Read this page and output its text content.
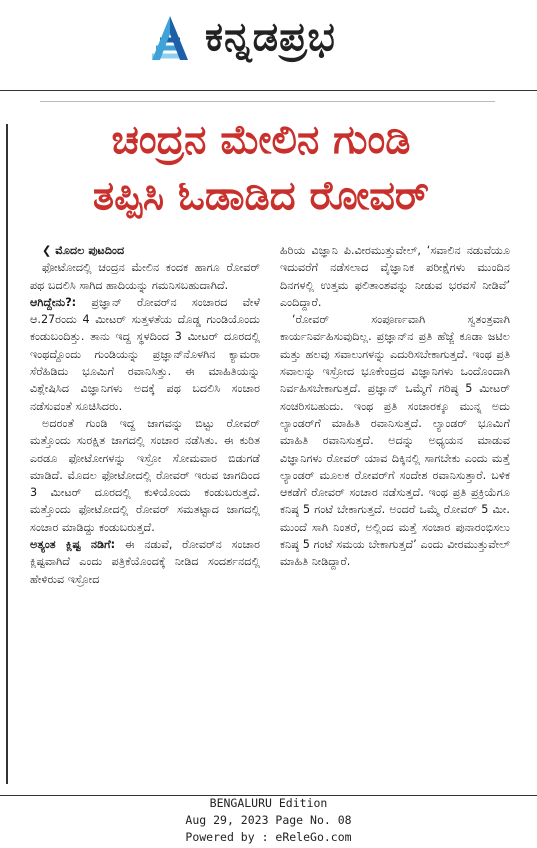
ಕನ್ನಡಪ್ರಭ
ಚಂದ್ರನ ಮೇಲಿನ ಗುಂಡಿ
ತಪ್ಪಿಸಿ ಓಡಾಡಿದ ರೋವರ್

❮ ಮೊದಲ ಪುಟದಿಂದ

ಫೋಟೋದಲ್ಲಿ ಚಂದ್ರನ ಮೇಲಿನ ಕಂದಕ ಹಾಗೂ ರೋವರ್ ಪಥ ಬದಲಿಸಿ ಸಾಗಿದ ಹಾದಿಯನ್ನು ಗಮನಿಸಬಹುದಾಗಿದೆ.

ಆಗಿದ್ದೇನು?: ಪ್ರಜ್ಞಾನ್ ರೋವರ್‌ನ ಸಂಚಾರದ ವೇಳೆ ಆ.27ರಂದು 4 ಮೀಟರ್ ಸುತ್ತಳತೆಯ ದೊಡ್ಡ ಗುಂಡಿಯೊಂದು ಕಂಡುಬಂದಿತ್ತು. ತಾನು ಇದ್ದ ಸ್ಥಳದಿಂದ 3 ಮೀಟರ್ ದೂರದಲ್ಲಿ ಇಂಥದ್ದೊಂದು ಗುಂಡಿಯನ್ನು ಪ್ರಜ್ಞಾನ್‌ನೊಳಗಿನ ಕ್ಯಾಮರಾ ಸೆರೆಹಿಡಿದು ಭೂಮಿಗೆ ರವಾನಿಸಿತ್ತು. ಈ ಮಾಹಿತಿಯನ್ನು ವಿಶ್ಲೇಷಿಸಿದ ವಿಜ್ಞಾನಿಗಳು ಅದಕ್ಕೆ ಪಥ ಬದಲಿಸಿ ಸಂಚಾರ ನಡೆಸುವಂತೆ ಸೂಚಿಸಿದರು.

ಅದರಂತೆ ಗುಂಡಿ ಇದ್ದ ಜಾಗವನ್ನು ಬಿಟ್ಟು ರೋವರ್ ಮತ್ತೊಂದು ಸುರಕ್ಷಿತ ಜಾಗದಲ್ಲಿ ಸಂಚಾರ ನಡೆಸಿತು. ಈ ಕುರಿತ ಎರಡೂ ಫೋಟೋಗಳನ್ನು ಇಸ್ರೋ ಸೋಮವಾರ ಬಿಡುಗಡೆ ಮಾಡಿದೆ. ಮೊದಲ ಫೋಟೋದಲ್ಲಿ ರೋವರ್ ಇರುವ ಜಾಗದಿಂದ 3 ಮೀಟರ್ ದೂರದಲ್ಲಿ ಕುಳಿಯೊಂದು ಕಂಡುಬರುತ್ತದೆ. ಮತ್ತೊಂದು ಫೋಟೋದಲ್ಲಿ ರೋವರ್ ಸಮತಟ್ಟಾದ ಜಾಗದಲ್ಲಿ ಸಂಚಾರ ಮಾಡಿದ್ದು ಕಂಡುಬರುತ್ತದೆ.

ಅತ್ಯಂತ ಕ್ಲಿಷ್ಟ ನಡಿಗೆ: ಈ ನಡುವೆ, ರೋವರ್‌ನ ಸಂಚಾರ ಕ್ಲಿಷ್ಟವಾಗಿದೆ ಎಂದು ಪತ್ರಿಕೆಯೊಂದಕ್ಕೆ ನೀಡಿದ ಸಂದರ್ಶನದಲ್ಲಿ ಹೇಳಿರುವ ಇಸ್ರೋದ

ಹಿರಿಯ ವಿಜ್ಞಾನಿ ಪಿ.ವೀರಮುತ್ತುವೇಲ್, ‘ಸವಾಲಿನ ನಡುವೆಯೂ ಇದುವರೆಗೆ ನಡೆಸಲಾದ ವೈಜ್ಞಾನಿಕ ಪರೀಕ್ಷೆಗಳು ಮುಂದಿನ ದಿನಗಳಲ್ಲಿ ಉತ್ತಮ ಫಲಿತಾಂಶವನ್ನು ನೀಡುವ ಭರವಸೆ ನೀಡಿವೆ’ ಎಂದಿದ್ದಾರೆ.

‘ರೋವರ್ ಸಂಪೂರ್ಣವಾಗಿ ಸ್ವತಂತ್ರವಾಗಿ ಕಾರ್ಯನಿರ್ವಹಿಸುವುದಿಲ್ಲ. ಪ್ರಜ್ಞಾನ್‌ನ ಪ್ರತಿ ಹೆಜ್ಜೆ ಕೂಡಾ ಜಟಿಲ ಮತ್ತು ಹಲವು ಸವಾಲುಗಳನ್ನು ಎದುರಿಸಬೇಕಾಗುತ್ತದೆ. ಇಂಥ ಪ್ರತಿ ಸವಾಲನ್ನು ಇಸ್ರೋದ ಭೂಕೇಂದ್ರದ ವಿಜ್ಞಾನಿಗಳು ಒಂದೊಂದಾಗಿ ನಿರ್ವಹಿಸಬೇಕಾಗುತ್ತದೆ. ಪ್ರಜ್ಞಾನ್ ಒಮ್ಮೆಗೆ ಗರಿಷ್ಠ 5 ಮೀಟರ್ ಸಂಚರಿಸಬಹುದು. ಇಂಥ ಪ್ರತಿ ಸಂಚಾರಕ್ಕೂ ಮುನ್ನ ಅದು ಲ್ಯಾಂಡರ್‌ಗೆ ಮಾಹಿತಿ ರವಾನಿಸುತ್ತದೆ. ಲ್ಯಾಂಡರ್ ಭೂಮಿಗೆ ಮಾಹಿತಿ ರವಾನಿಸುತ್ತದೆ. ಅದನ್ನು ಅಧ್ಯಯನ ಮಾಡುವ ವಿಜ್ಞಾನಿಗಳು ರೋವರ್ ಯಾವ ದಿಕ್ಕಿನಲ್ಲಿ ಸಾಗಬೇಕು ಎಂದು ಮತ್ತೆ ಲ್ಯಾಂಡರ್ ಮೂಲಕ ರೋವರ್‌ಗೆ ಸಂದೇಶ ರವಾನಿಸುತ್ತಾರೆ. ಬಳಿಕ ಆಕಡೆಗೆ ರೋವರ್ ಸಂಚಾರ ನಡೆಸುತ್ತದೆ. ಇಂಥ ಪ್ರತಿ ಪ್ರಕ್ರಿಯೆಗೂ ಕನಿಷ್ಠ 5 ಗಂಟೆ ಬೇಕಾಗುತ್ತದೆ. ಅಂದರೆ ಒಮ್ಮೆ ರೋವರ್ 5 ಮೀ. ಮುಂದೆ ಸಾಗಿ ನಿಂತರೆ, ಅಲ್ಲಿಂದ ಮತ್ತೆ ಸಂಚಾರ ಪುನಾರಂಭಿಸಲು ಕನಿಷ್ಠ 5 ಗಂಟೆ ಸಮಯ ಬೇಕಾಗುತ್ತದೆ’ ಎಂದು ವೀರಮುತ್ತುವೇಲ್ ಮಾಹಿತಿ ನೀಡಿದ್ದಾರೆ.

BENGALURU Edition
Aug 29, 2023 Page No. 08
Powered by : eReleGo.com
